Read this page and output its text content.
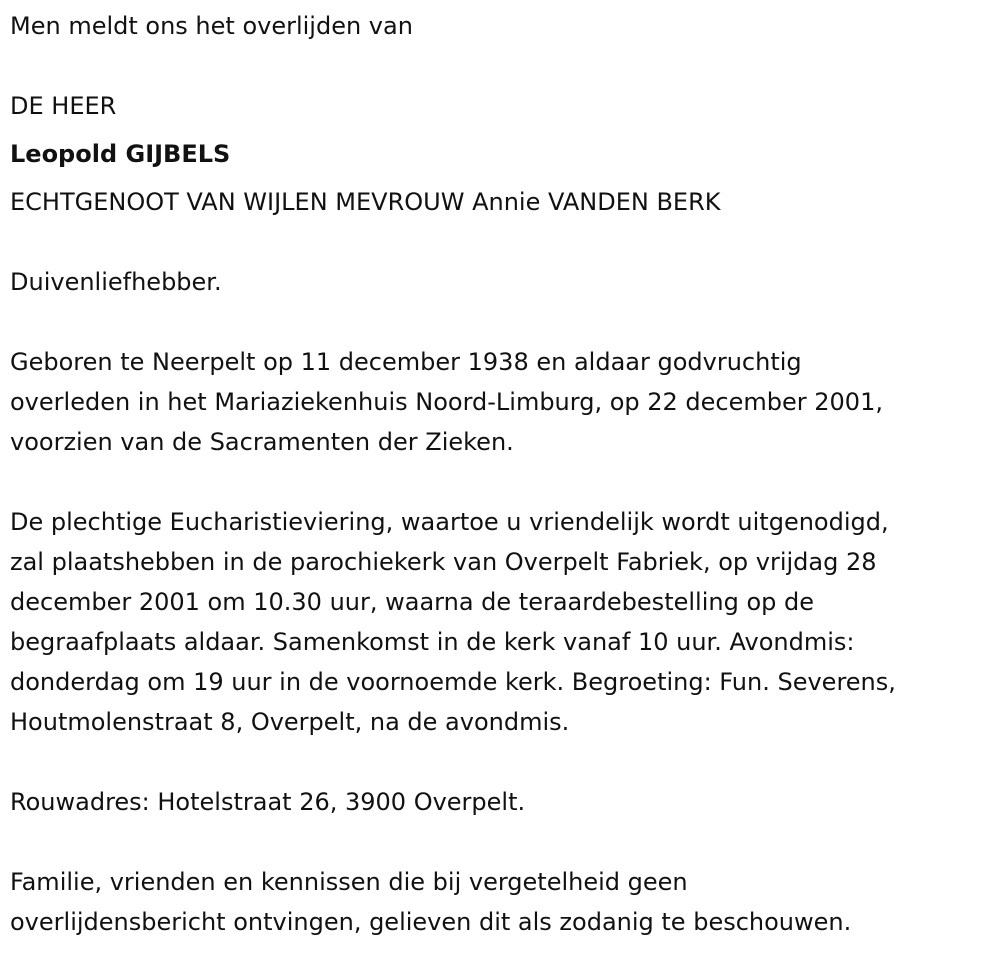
Men meldt ons het overlijden van

DE HEER

Leopold GIJBELS

ECHTGENOOT VAN WIJLEN MEVROUW Annie VANDEN BERK

Duivenliefhebber.

Geboren te Neerpelt op 11 december 1938 en aldaar godvruchtig

overleden in het Mariaziekenhuis Noord-Limburg, op 22 december 2001,

voorzien van de Sacramenten der Zieken.

De plechtige Eucharistieviering, waartoe u vriendelijk wordt uitgenodigd,

zal plaatshebben in de parochiekerk van Overpelt Fabriek, op vrijdag 28

december 2001 om 10.30 uur, waarna de teraardebestelling op de

begraafplaats aldaar. Samenkomst in de kerk vanaf 10 uur. Avondmis:

donderdag om 19 uur in de voornoemde kerk. Begroeting: Fun. Severens,

Houtmolenstraat 8, Overpelt, na de avondmis.

Rouwadres: Hotelstraat 26, 3900 Overpelt.

Familie, vrienden en kennissen die bij vergetelheid geen

overlijdensbericht ontvingen, gelieven dit als zodanig te beschouwen.
